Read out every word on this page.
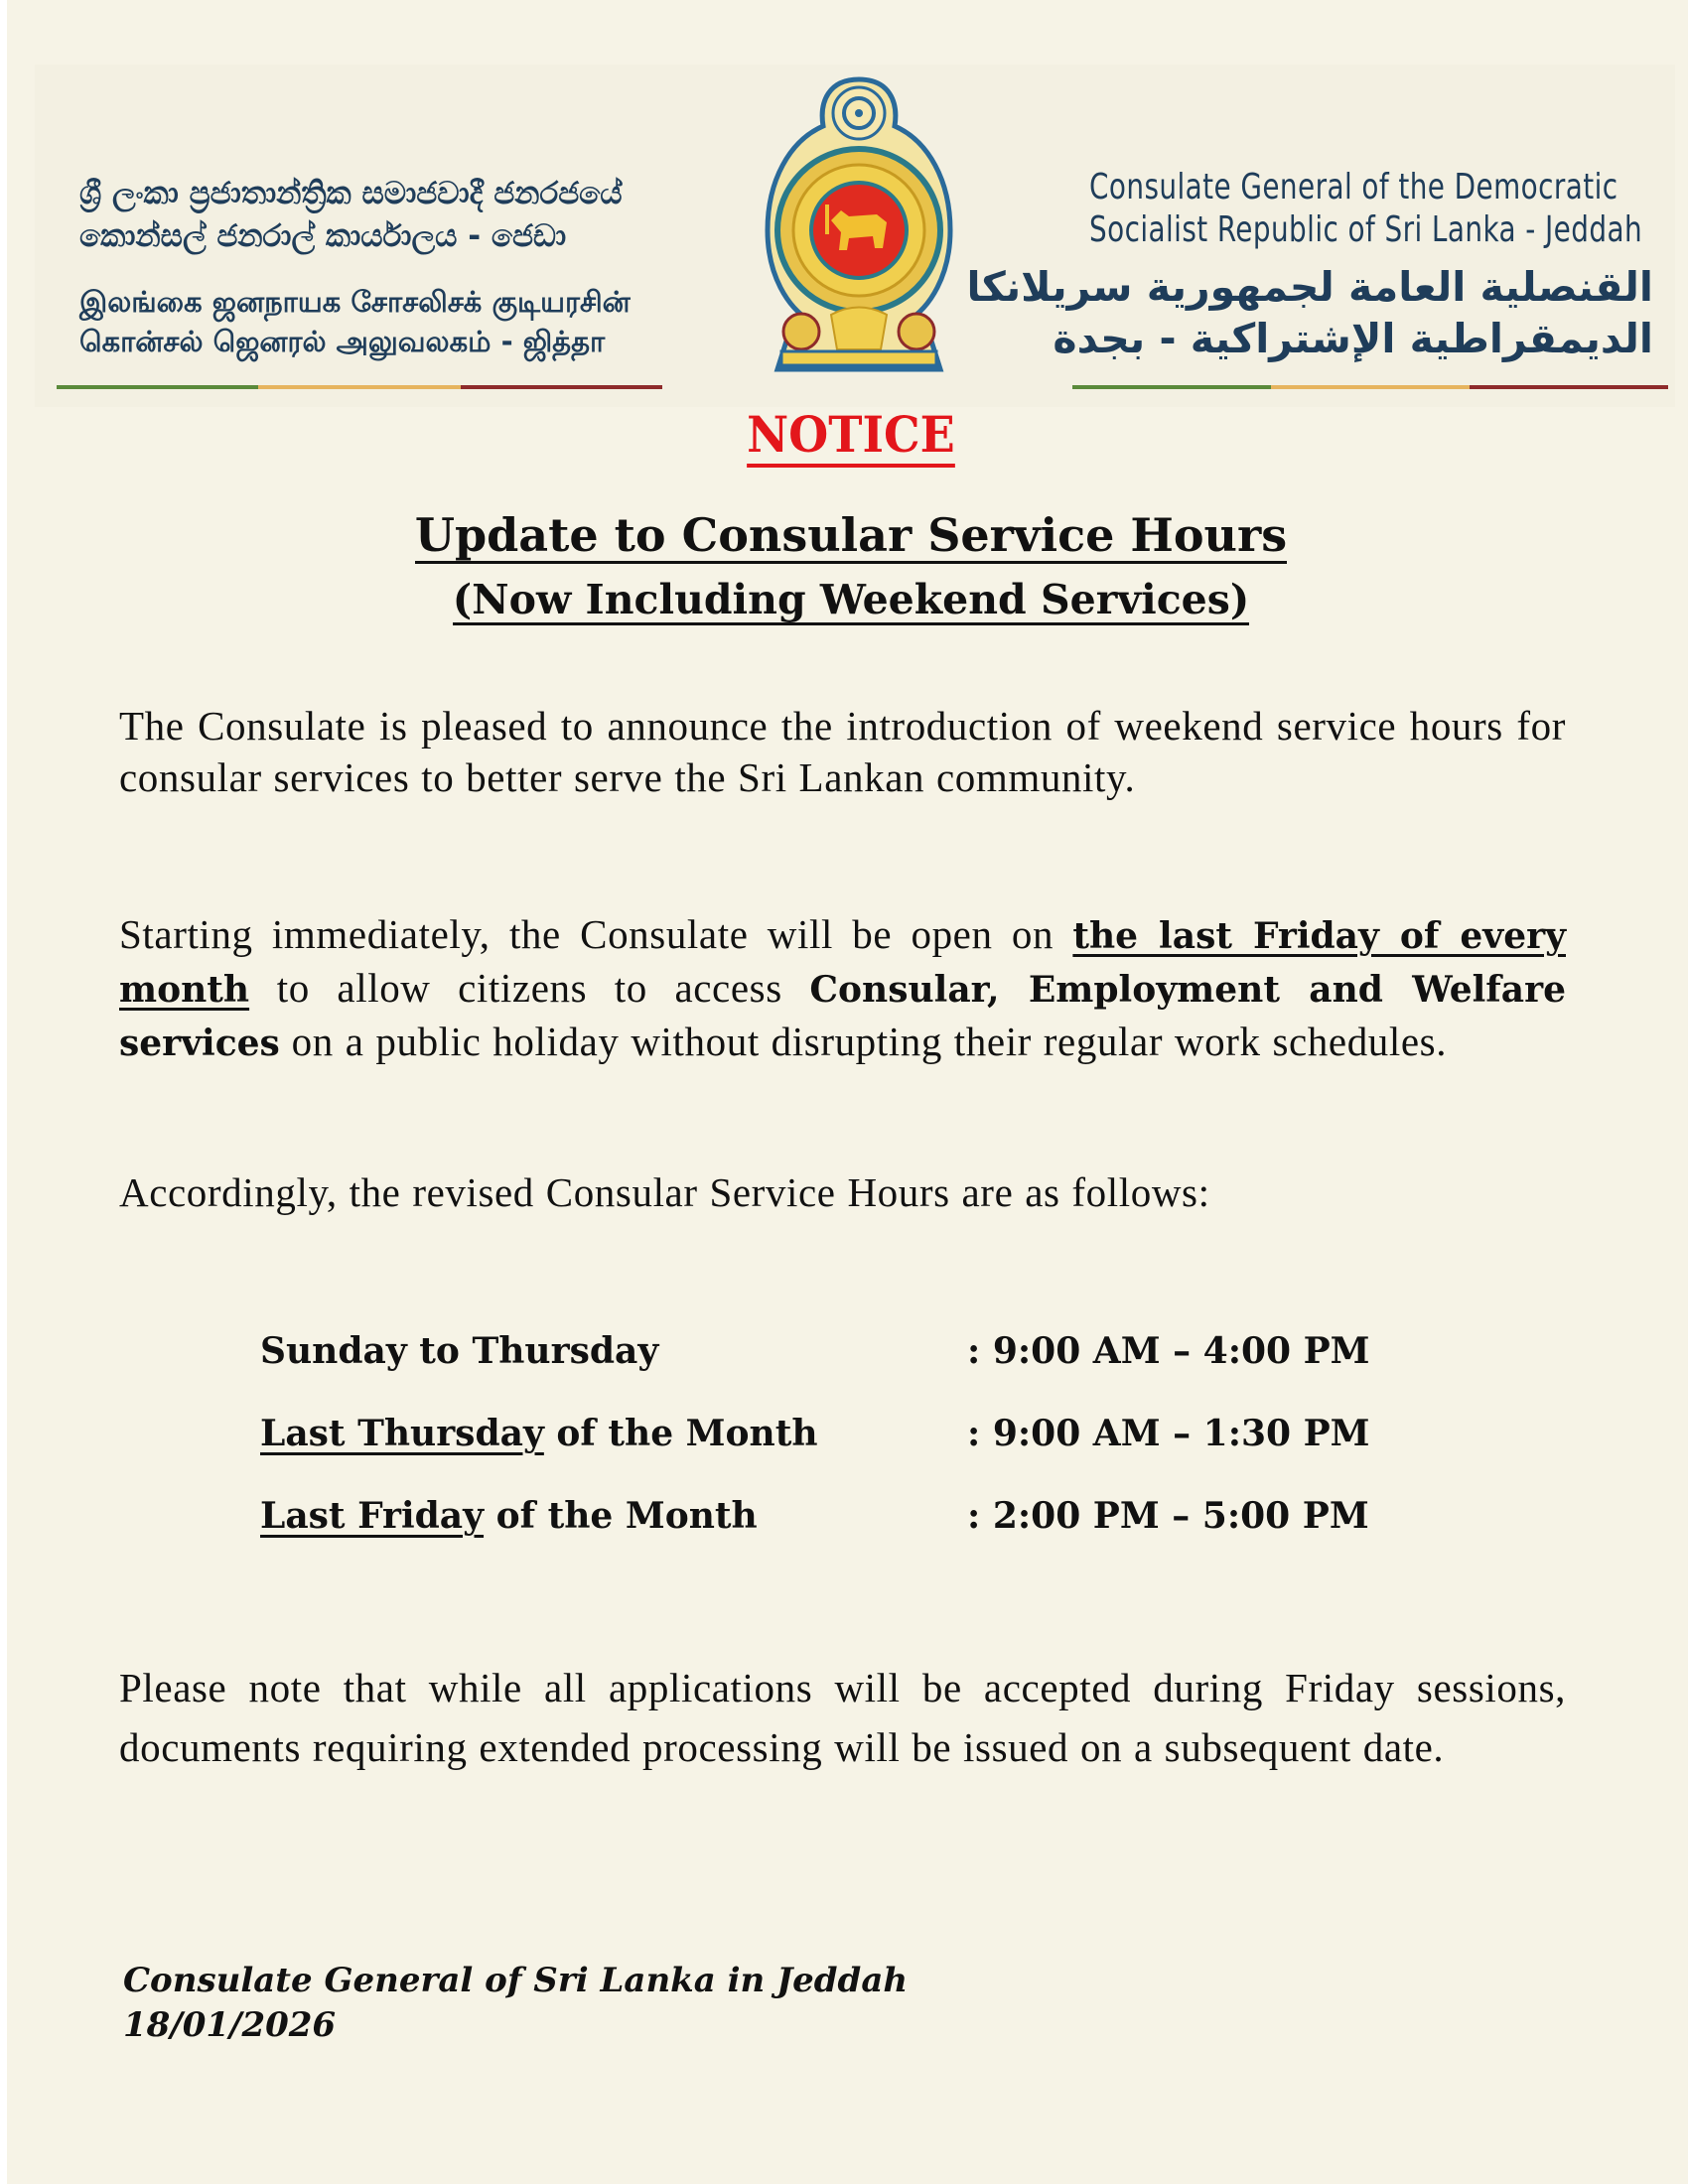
ශ්‍රී ලංකා ප්‍රජාතාන්ත්‍රික සමාජවාදී ජනරජයේ
කොන්සල් ජනරාල් කාර්යාලය - ජෙඩා
இலங்கை ஜனநாயக சோசலிசக் குடியரசின்
கொன்சல் ஜெனரல் அலுவலகம் - ஜித்தா
Consulate General of the Democratic
Socialist Republic of Sri Lanka - Jeddah
القنصلية العامة لجمهورية سريلانكا
الديمقراطية الإشتراكية - بجدة
NOTICE
Update to Consular Service Hours
(Now Including Weekend Services)
The Consulate is pleased to announce the introduction of weekend service hours for consular services to better serve the Sri Lankan community.
Starting immediately, the Consulate will be open on the last Friday of every month to allow citizens to access Consular, Employment and Welfare services on a public holiday without disrupting their regular work schedules.
Accordingly, the revised Consular Service Hours are as follows:
Sunday to Thursday	: 9:00 AM – 4:00 PM
Last Thursday of the Month	: 9:00 AM – 1:30 PM
Last Friday of the Month	: 2:00 PM – 5:00 PM
Please note that while all applications will be accepted during Friday sessions, documents requiring extended processing will be issued on a subsequent date.
Consulate General of Sri Lanka in Jeddah
18/01/2026
